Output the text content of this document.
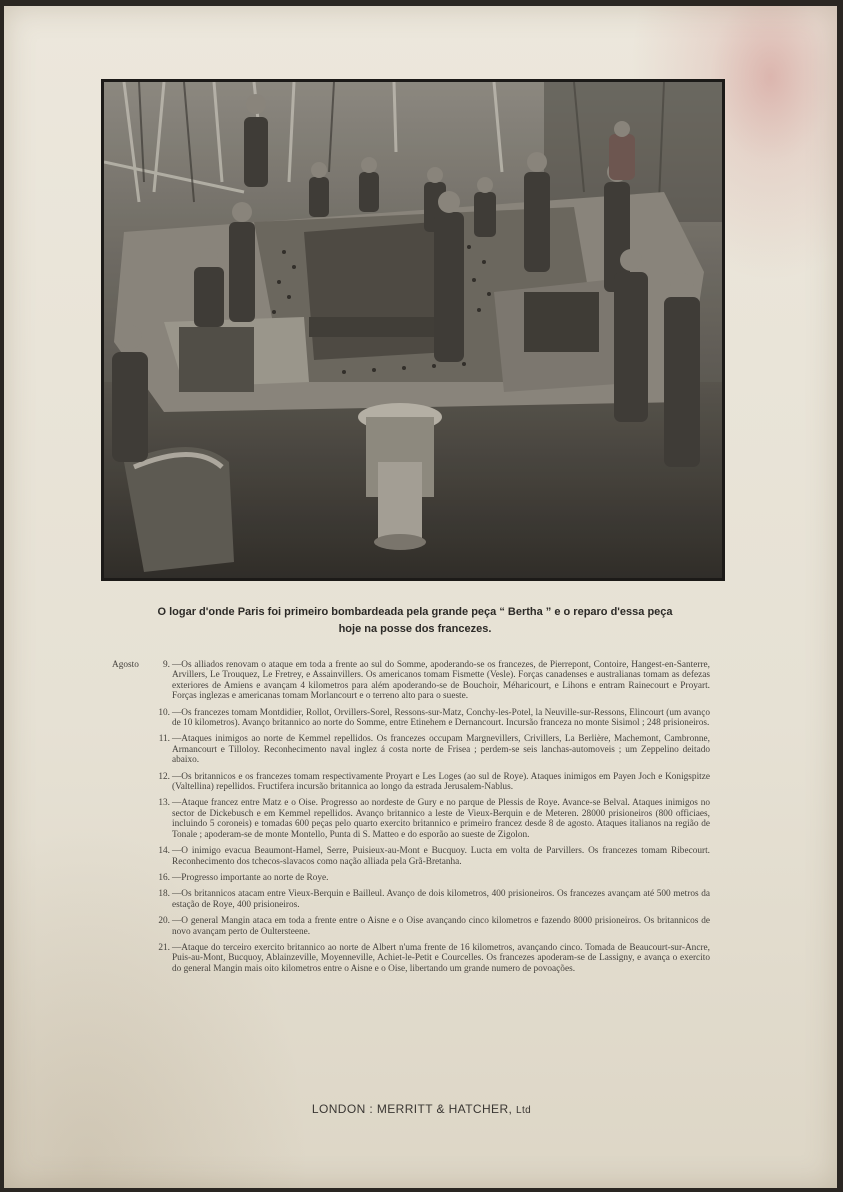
O logar d'onde Paris foi primeiro bombardeada pela grande peça “ Bertha ” e o reparo d'essa peça
hoje na posse dos francezes.
Agosto	9. —Os alliados renovam o ataque em toda a frente ao sul do Somme, apoderando-se os francezes, de Pierrepont, Contoire, Hangest-en-Santerre, Arvillers, Le Trouquez, Le Fretrey, e Assainvillers. Os americanos tomam Fismette (Vesle). Forças canadenses e australianas tomam as defezas exteriores de Amiens e avançam 4 kilometros para além apoderando-se de Bouchoir, Méharicourt, e Lihons e entram Rainecourt e Proyart. Forças inglezas e americanas tomam Morlancourt e o terreno alto para o sueste.
10. —Os francezes tomam Montdidier, Rollot, Orvillers-Sorel, Ressons-sur-Matz, Conchy-les-Potel, la Neuville-sur-Ressons, Elincourt (um avanço de 10 kilometros). Avanço britannico ao norte do Somme, entre Etinehem e Dernancourt. Incursão franceza no monte Sisimol ; 248 prisioneiros.
11. —Ataques inimigos ao norte de Kemmel repellidos. Os francezes occupam Margnevillers, Crivillers, La Berlière, Machemont, Cambronne, Armancourt e Tilloloy. Reconhecimento naval inglez á costa norte de Frisea ; perdem-se seis lanchas-automoveis ; um Zeppelino deitado abaixo.
12. —Os britannicos e os francezes tomam respectivamente Proyart e Les Loges (ao sul de Roye). Ataques inimigos em Payen Joch e Konigspitze (Valtellina) repellidos. Fructifera incursão britannica ao longo da estrada Jerusalem-Nablus.
13. —Ataque francez entre Matz e o Oise. Progresso ao nordeste de Gury e no parque de Plessis de Roye. Avance-se Belval. Ataques inimigos no sector de Dickebusch e em Kemmel repellidos. Avanço britannico a leste de Vieux-Berquin e de Meteren. 28000 prisioneiros (800 officiaes, incluindo 5 coroneis) e tomadas 600 peças pelo quarto exercito britannico e primeiro francez desde 8 de agosto. Ataques italianos na região de Tonale ; apoderam-se de monte Montello, Punta di S. Matteo e do esporão ao sueste de Zigolon.
14. —O inimigo evacua Beaumont-Hamel, Serre, Puisieux-au-Mont e Bucquoy. Lucta em volta de Parvillers. Os francezes tomam Ribecourt. Reconhecimento dos tchecos-slavacos como nação alliada pela Grã-Bretanha.
16. —Progresso importante ao norte de Roye.
18. —Os britannicos atacam entre Vieux-Berquin e Bailleul. Avanço de dois kilometros, 400 prisioneiros. Os francezes avançam até 500 metros da estação de Roye, 400 prisioneiros.
20. —O general Mangin ataca em toda a frente entre o Aisne e o Oise avançando cinco kilometros e fazendo 8000 prisioneiros. Os britannicos de novo avançam perto de Oultersteene.
21. —Ataque do terceiro exercito britannico ao norte de Albert n'uma frente de 16 kilometros, avançando cinco. Tomada de Beaucourt-sur-Ancre, Puis-au-Mont, Bucquoy, Ablainzeville, Moyenneville, Achiet-le-Petit e Courcelles. Os francezes apoderam-se de Lassigny, e avança o exercito do general Mangin mais oito kilometros entre o Aisne e o Oise, libertando um grande numero de povoações.
LONDON : MERRITT & HATCHER, Ltd
